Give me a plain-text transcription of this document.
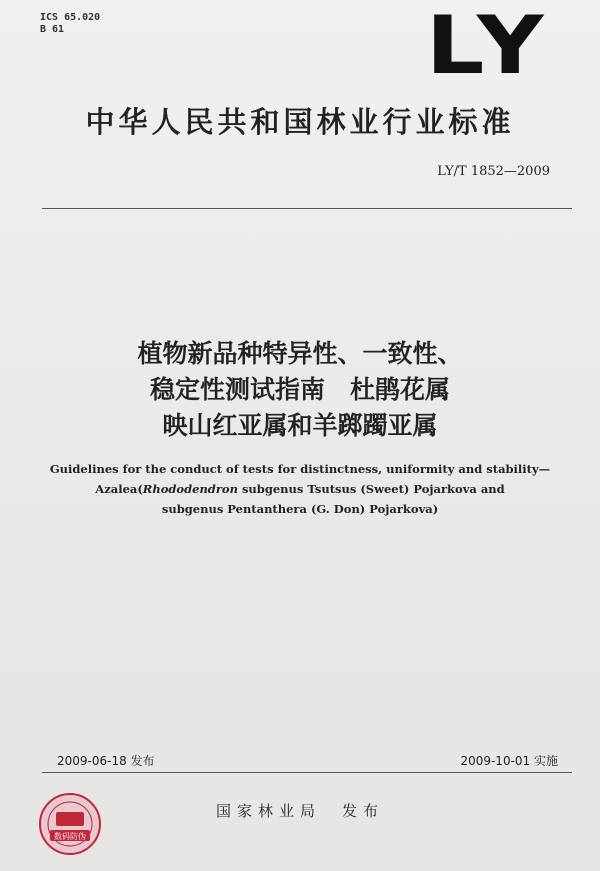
ICS 65.020
B 61	LY
中华人民共和国林业行业标准
LY/T 1852—2009
植物新品种特异性、一致性、
稳定性测试指南　杜鹃花属
映山红亚属和羊踯躅亚属
Guidelines for the conduct of tests for distinctness, uniformity and stability—
Azalea(Rhododendron subgenus Tsutsus (Sweet) Pojarkova and
subgenus Pentanthera (G. Don) Pojarkova)
2009-06-18 发布	2009-10-01 实施
数码防伪
国家林业局　发布
